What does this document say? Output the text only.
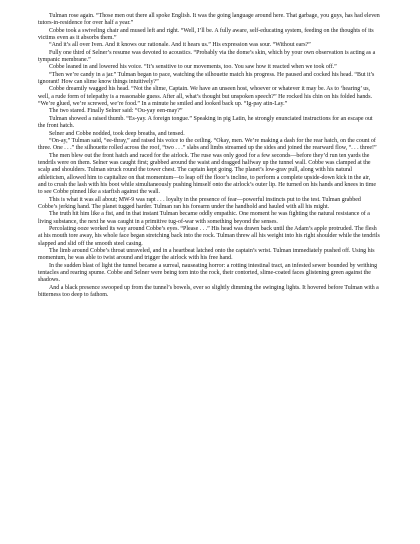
Tulman rose again. “Those men out there all spoke English. It was the going language around here. That garbage, you guys, has had eleven tutors-in-residence for over half a year.”

Cobbe took a swiveling chair and mused left and right. “Well, I’ll be. A fully aware, self-educating system, feeding on the thoughts of its victims even as it absorbs them.”

“And it’s all over Iven. And it knows our rationale. And it hears us.” His expression was sour. “Without ears?”

Fully one third of Selner’s resume was devoted to acoustics. “Probably via the dome’s skin, which by your own observation is acting as a tympanic membrane.”

Cobbe leaned in and lowered his voice. “It’s sensitive to our movements, too. You saw how it reacted when we took off.”

“Then we’re candy in a jar.” Tulman began to pace, watching the silhouette match his progress. He paused and cocked his head. “But it’s ignorant! How can slime know things intuitively?”

Cobbe dreamily wagged his head. “Not the slime, Captain. We have an unseen host, whoever or whatever it may be. As to ‘hearing’ us, well, a rude form of telepathy is a reasonable guess. After all, what’s thought but unspoken speech?” He rocked his chin on his folded hands. “We’re glued, we’re screwed, we’re food.” In a minute he smiled and looked back up. “Ig-pay atin-Lay.”

The two stared. Finally Selner said: “Ou-yay een-may?”

Tulman showed a raised thumb. “Es-yay. A foreign tongue.” Speaking in pig Latin, he strongly enunciated instructions for an escape out the front hatch.

Selner and Cobbe nodded, took deep breaths, and tensed.

“On-ay,” Tulman said, “ee-thray,” and raised his voice to the ceiling. “Okay, men. We’re making a dash for the rear hatch, on the count of three. One . . .” the silhouette rolled across the roof, “two . . .” slabs and limbs streamed up the sides and joined the rearward flow, “. . . three!”

The men blew out the front hatch and raced for the airlock. The ruse was only good for a few seconds—before they’d run ten yards the tendrils were on them. Selner was caught first; grabbed around the waist and dragged halfway up the tunnel wall. Cobbe was clamped at the scalp and shoulders. Tulman struck round the tower chest. The captain kept going. The planet’s low-grav pull, along with his natural athleticism, allowed him to capitalize on that momentum—to leap off the floor’s incline, to perform a complete upside-down kick in the air, and to crush the lash with his boot while simultaneously pushing himself onto the airlock’s outer lip. He turned on his hands and knees in time to see Cobbe pinned like a starfish against the wall.

This is what it was all about; MW-9 was rapt . . . loyalty in the presence of fear—powerful instincts put to the test. Tulman grabbed Cobbe’s jerking hand. The planet tugged harder. Tulman ran his forearm under the handhold and hauled with all his might.

The truth hit him like a fist, and in that instant Tulman became oddly empathic. One moment he was fighting the natural resistance of a living substance, the next he was caught in a primitive tug-of-war with something beyond the senses.

Percolating ooze worked its way around Cobbe’s eyes. “Please . . .” His head was drawn back until the Adam’s apple protruded. The flesh at his mouth tore away, his whole face began stretching back into the rock. Tulman threw all his weight into his right shoulder while the tendrils slapped and slid off the smooth steel casing.

The limb around Cobbe’s throat unraveled, and in a heartbeat latched onto the captain’s wrist. Tulman immediately pushed off. Using his momentum, he was able to twist around and trigger the airlock with his free hand.

In the sudden blast of light the tunnel became a surreal, nauseating horror: a rotting intestinal tract, an infested sewer bounded by writhing tentacles and rearing spume. Cobbe and Selner were being torn into the rock, their contorted, slime-coated faces glistening green against the shadows.

And a black presence swooped up from the tunnel’s bowels, ever so slightly dimming the swinging lights. It hovered before Tulman with a bitterness too deep to fathom.
